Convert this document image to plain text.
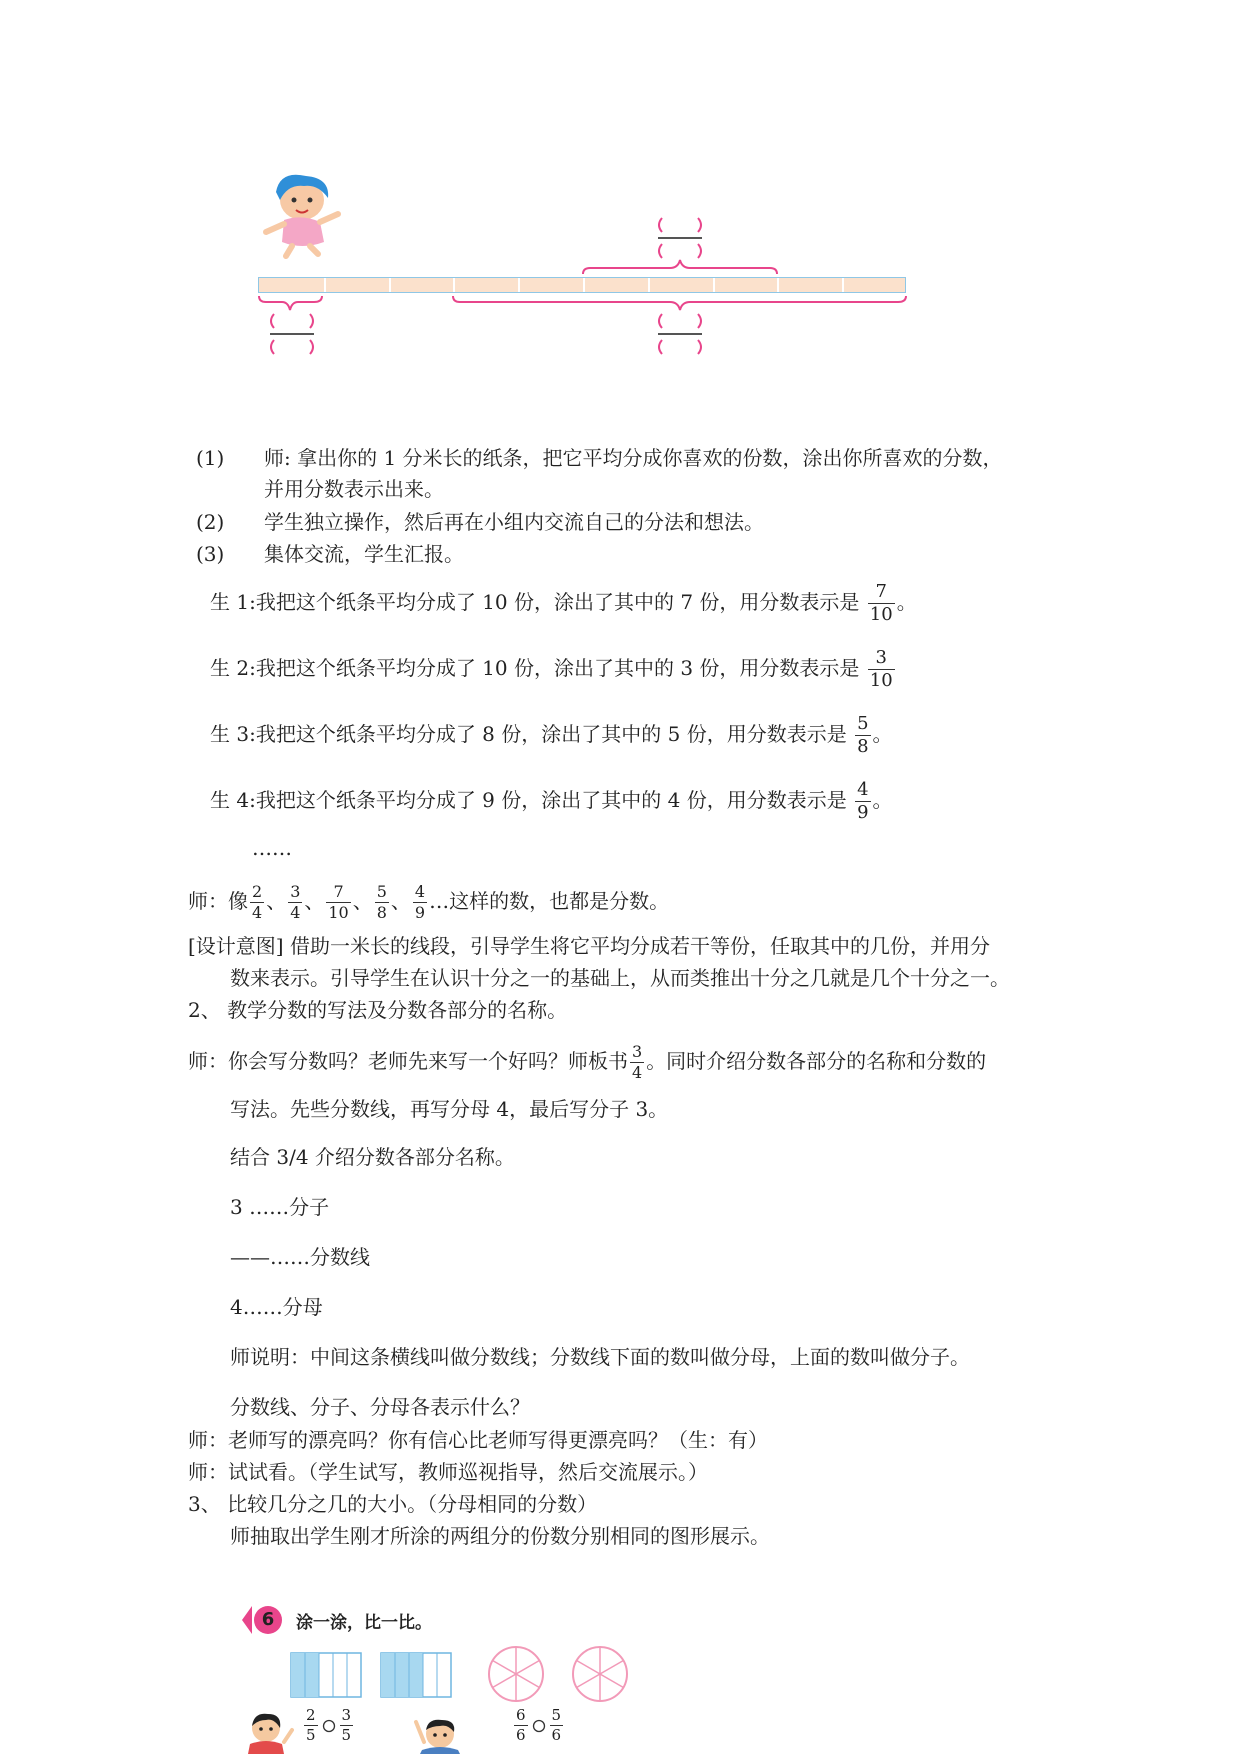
(1) 师: 拿出你的 1 分米长的纸条，把它平均分成你喜欢的份数，涂出你所喜欢的分数，
并用分数表示出来。
(2) 学生独立操作，然后再在小组内交流自己的分法和想法。
(3) 集体交流，学生汇报。
生 1:我把这个纸条平均分成了 10 份，涂出了其中的 7 份，用分数表示是 $\frac{7}{10}$ 。
生 2:我把这个纸条平均分成了 10 份，涂出了其中的 3 份，用分数表示是 $\frac{3}{10}$
生 3:我把这个纸条平均分成了 8 份，涂出了其中的 5 份，用分数表示是 $\frac{5}{8}$ 。
生 4:我把这个纸条平均分成了 9 份，涂出了其中的 4 份，用分数表示是 $\frac{4}{9}$ 。
……
师：像 $\frac{2}{4}$ 、 $\frac{3}{4}$ 、 $\frac{7}{10}$ 、 $\frac{5}{8}$ 、 $\frac{4}{9}$ …这样的数，也都是分数。
[设计意图] 借助一米长的线段，引导学生将它平均分成若干等份，任取其中的几份，并用分
数来表示。引导学生在认识十分之一的基础上，从而类推出十分之几就是几个十分之一。
2、 教学分数的写法及分数各部分的名称。
师：你会写分数吗？老师先来写一个好吗？师板书 $\frac{3}{4}$ 。同时介绍分数各部分的名称和分数的
写法。先些分数线，再写分母 4，最后写分子 3。
结合 3/4 介绍分数各部分名称。
3 ……分子
——……分数线
4……分母
师说明：中间这条横线叫做分数线；分数线下面的数叫做分母，上面的数叫做分子。
分数线、分子、分母各表示什么？
师：老师写的漂亮吗？你有信心比老师写得更漂亮吗？（生：有）
师：试试看。（学生试写，教师巡视指导，然后交流展示。）
3、 比较几分之几的大小。（分母相同的分数）
师抽取出学生刚才所涂的两组分的份数分别相同的图形展示。
6 涂一涂，比一比。
$\frac{2}{5} \frac{3}{5}$	$\frac{6}{6} \frac{5}{6}$
